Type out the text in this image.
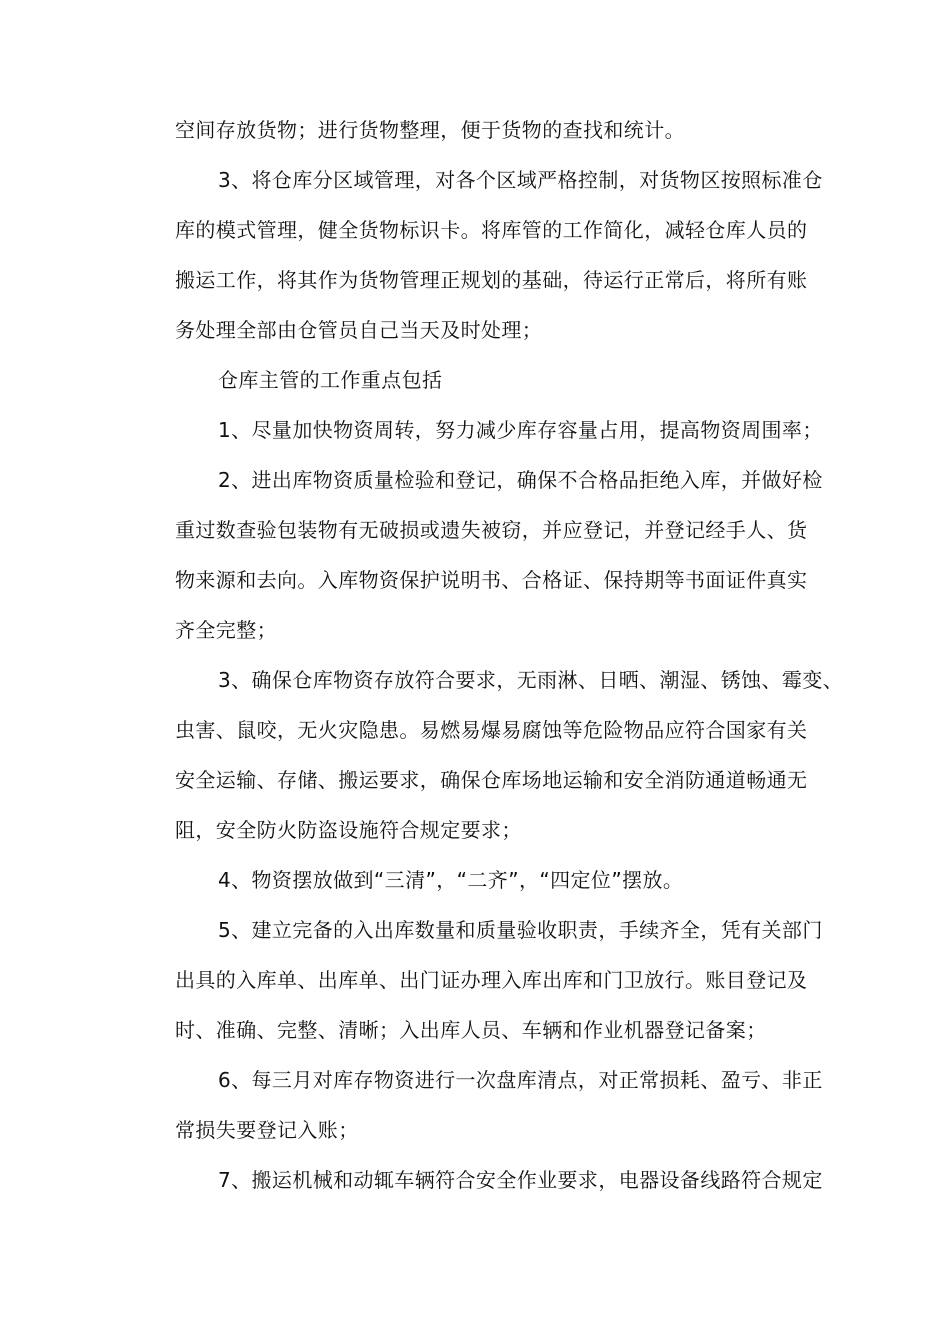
空间存放货物；进行货物整理，便于货物的查找和统计。
3、将仓库分区域管理，对各个区域严格控制，对货物区按照标准仓
库的模式管理，健全货物标识卡。将库管的工作简化，减轻仓库人员的
搬运工作，将其作为货物管理正规划的基础，待运行正常后，将所有账
务处理全部由仓管员自己当天及时处理；
仓库主管的工作重点包括
1、尽量加快物资周转，努力减少库存容量占用，提高物资周围率；
2、进出库物资质量检验和登记，确保不合格品拒绝入库，并做好检
重过数查验包装物有无破损或遗失被窃，并应登记，并登记经手人、货
物来源和去向。入库物资保护说明书、合格证、保持期等书面证件真实
齐全完整；
3、确保仓库物资存放符合要求，无雨淋、日晒、潮湿、锈蚀、霉变、
虫害、鼠咬，无火灾隐患。易燃易爆易腐蚀等危险物品应符合国家有关
安全运输、存储、搬运要求，确保仓库场地运输和安全消防通道畅通无
阻，安全防火防盗设施符合规定要求；
4、物资摆放做到“三清”，“二齐”，“四定位”摆放。
5、建立完备的入出库数量和质量验收职责，手续齐全，凭有关部门
出具的入库单、出库单、出门证办理入库出库和门卫放行。账目登记及
时、准确、完整、清晰；入出库人员、车辆和作业机器登记备案；
6、每三月对库存物资进行一次盘库清点，对正常损耗、盈亏、非正
常损失要登记入账；
7、搬运机械和动辄车辆符合安全作业要求，电器设备线路符合规定
